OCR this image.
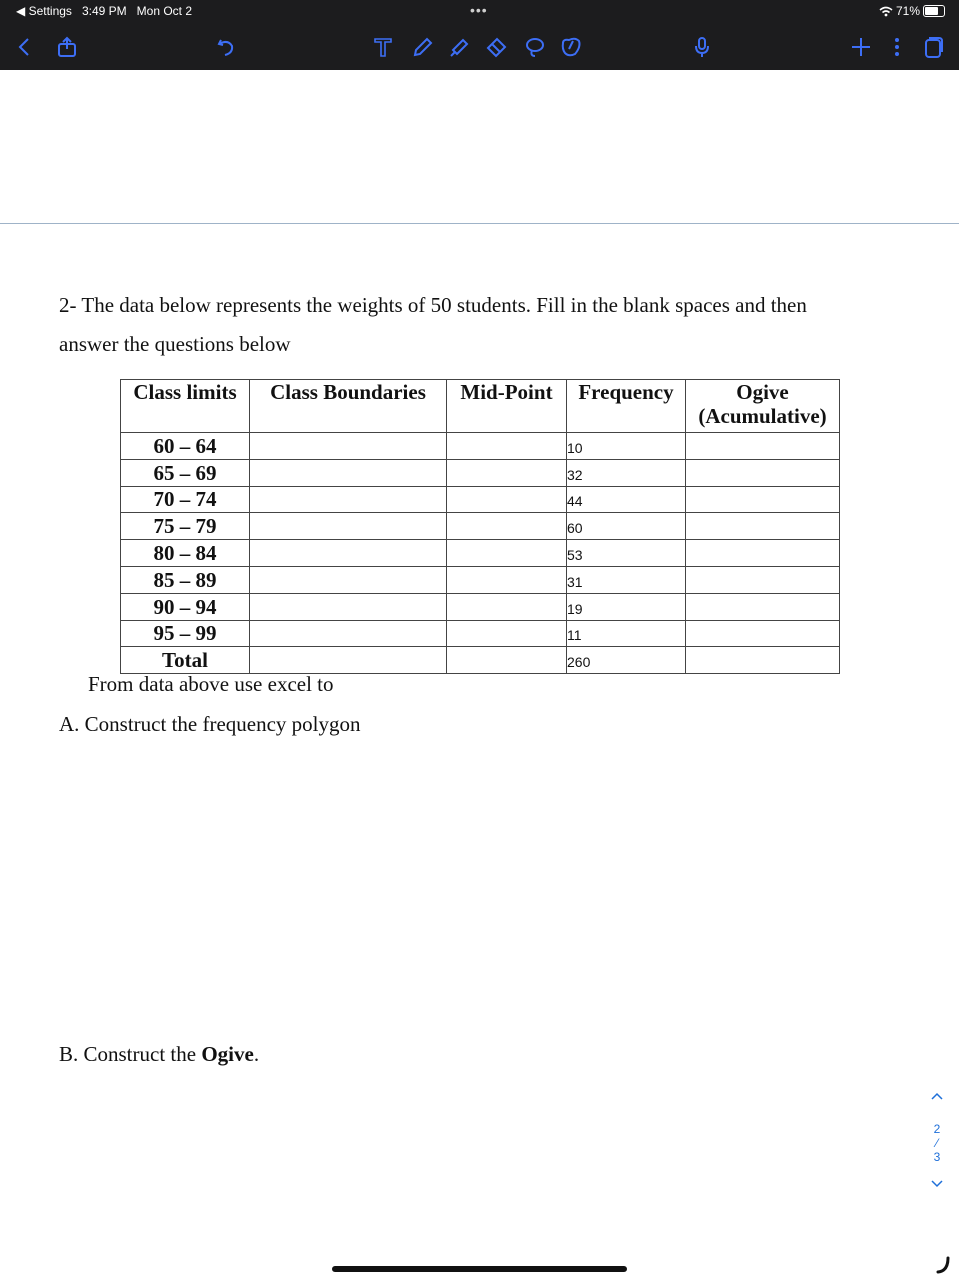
◀ Settings 3:49 PM Mon Oct 2	•••	71%
2- The data below represents the weights of 50 students. Fill in the blank spaces and then
answer the questions below
Class limits	Class Boundaries	Mid-Point	Frequency	Ogive
(Acumulative)

60 – 64			10	
65 – 69			32	
70 – 74			44	
75 – 79			60	
80 – 84			53	
85 – 89			31	
90 – 94			19	
95 – 99			11	
Total			260	
From data above use excel to
A. Construct the frequency polygon
B. Construct the Ogive.
2
⁄
3
